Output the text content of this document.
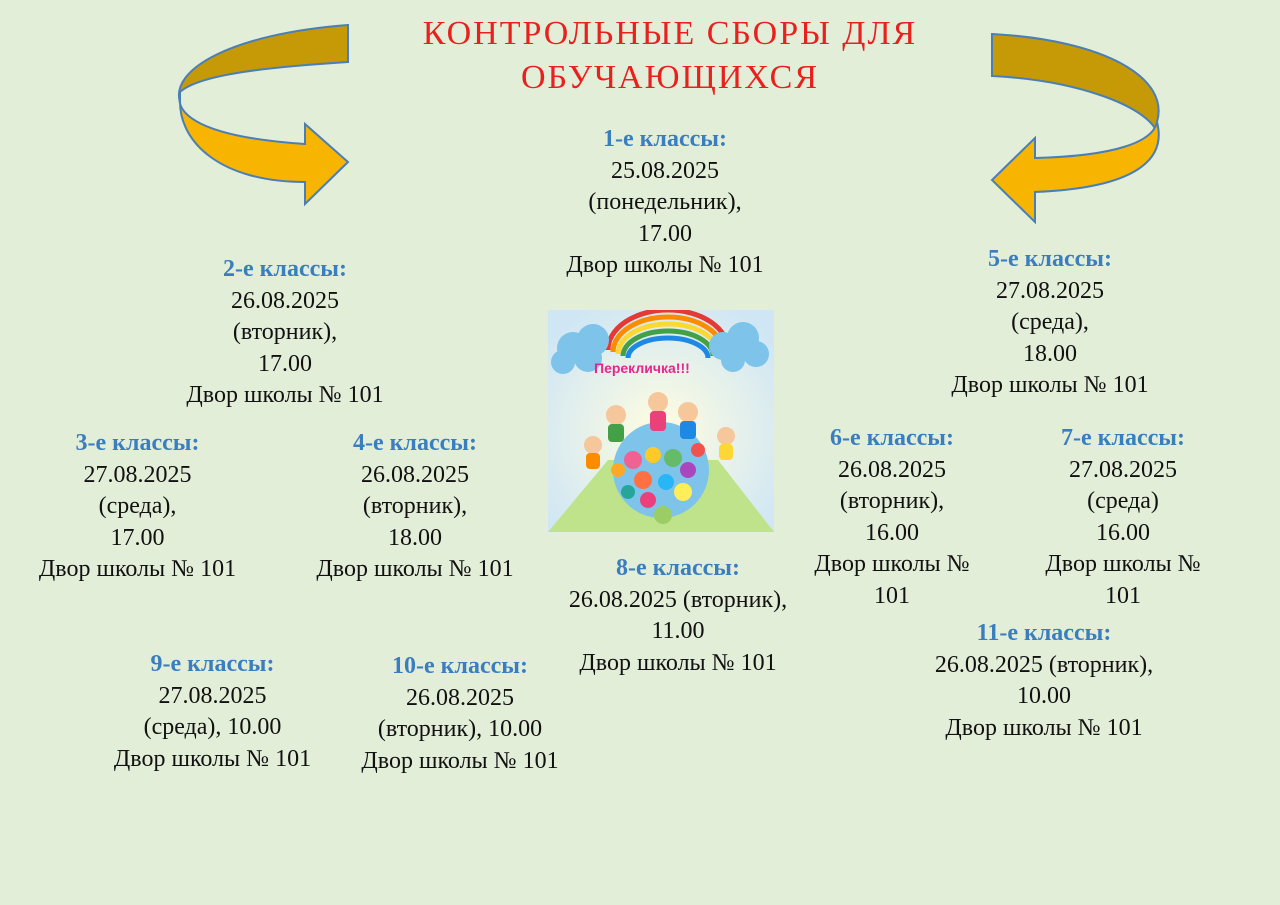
КОНТРОЛЬНЫЕ СБОРЫ ДЛЯ
ОБУЧАЮЩИХСЯ
Перекличка!!!
1-е классы:
25.08.2025
(понедельник),
17.00
Двор школы № 101
2-е классы:
26.08.2025
(вторник),
17.00
Двор школы № 101
5-е классы:
27.08.2025
(среда),
18.00
Двор школы № 101
3-е классы:
27.08.2025
(среда),
17.00
Двор школы № 101
4-е классы:
26.08.2025
(вторник),
18.00
Двор школы № 101
6-е классы:
26.08.2025
(вторник),
16.00
Двор школы №
101
7-е классы:
27.08.2025
(среда)
16.00
Двор школы №
101
8-е классы:
26.08.2025 (вторник),
11.00
Двор школы № 101
11-е классы:
26.08.2025 (вторник),
10.00
Двор школы № 101
9-е классы:
27.08.2025
(среда), 10.00
Двор школы № 101
10-е классы:
26.08.2025
(вторник), 10.00
Двор школы № 101
